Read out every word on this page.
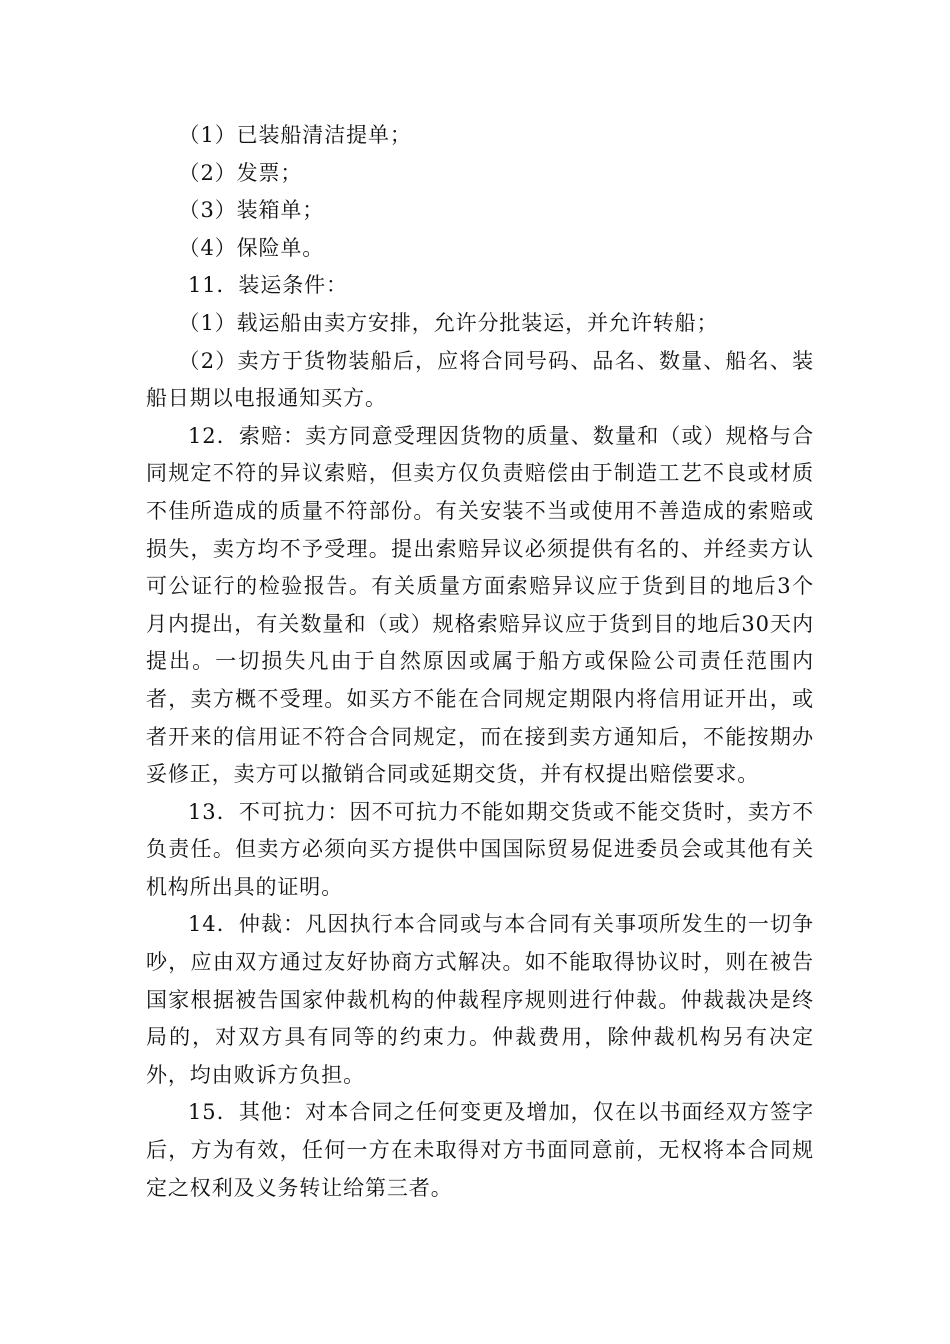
（1）已装船清洁提单；

（2）发票；

（3）装箱单；

（4）保险单。

11．装运条件：

（1）载运船由卖方安排，允许分批装运，并允许转船；

（2）卖方于货物装船后，应将合同号码、品名、数量、船名、装船日期以电报通知买方。

12．索赔：卖方同意受理因货物的质量、数量和（或）规格与合同规定不符的异议索赔，但卖方仅负责赔偿由于制造工艺不良或材质不佳所造成的质量不符部份。有关安装不当或使用不善造成的索赔或损失，卖方均不予受理。提出索赔异议必须提供有名的、并经卖方认可公证行的检验报告。有关质量方面索赔异议应于货到目的地后3个月内提出，有关数量和（或）规格索赔异议应于货到目的地后30天内提出。一切损失凡由于自然原因或属于船方或保险公司责任范围内者，卖方概不受理。如买方不能在合同规定期限内将信用证开出，或者开来的信用证不符合合同规定，而在接到卖方通知后，不能按期办妥修正，卖方可以撤销合同或延期交货，并有权提出赔偿要求。

13．不可抗力：因不可抗力不能如期交货或不能交货时，卖方不负责任。但卖方必须向买方提供中国国际贸易促进委员会或其他有关机构所出具的证明。

14．仲裁：凡因执行本合同或与本合同有关事项所发生的一切争吵，应由双方通过友好协商方式解决。如不能取得协议时，则在被告国家根据被告国家仲裁机构的仲裁程序规则进行仲裁。仲裁裁决是终局的，对双方具有同等的约束力。仲裁费用，除仲裁机构另有决定外，均由败诉方负担。

15．其他：对本合同之任何变更及增加，仅在以书面经双方签字后，方为有效，任何一方在未取得对方书面同意前，无权将本合同规定之权利及义务转让给第三者。
